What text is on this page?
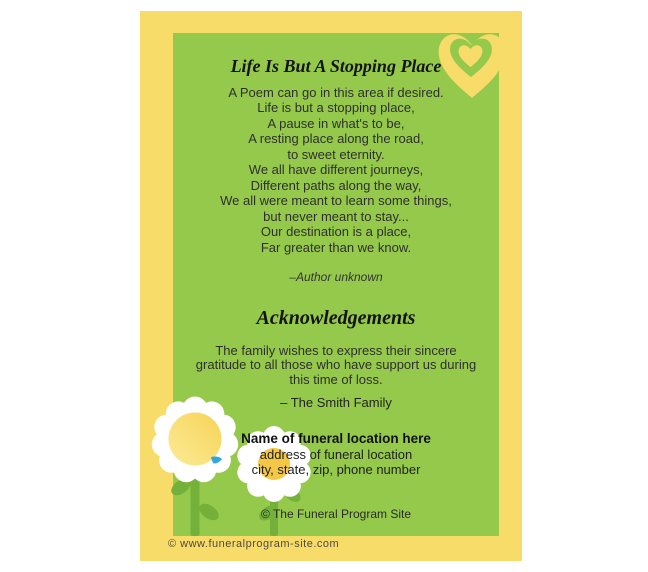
Life Is But A Stopping Place
A Poem can go in this area if desired.
Life is but a stopping place,
A pause in what's to be,
A resting place along the road,
to sweet eternity.
We all have different journeys,
Different paths along the way,
We all were meant to learn some things,
but never meant to stay...
Our destination is a place,
Far greater than we know.
–Author unknown
Acknowledgements
The family wishes to express their sincere
gratitude to all those who have support us during
this time of loss.
– The Smith Family
Name of funeral location here
address of funeral location
city, state, zip, phone number
© The Funeral Program Site
© www.funeralprogram-site.com
